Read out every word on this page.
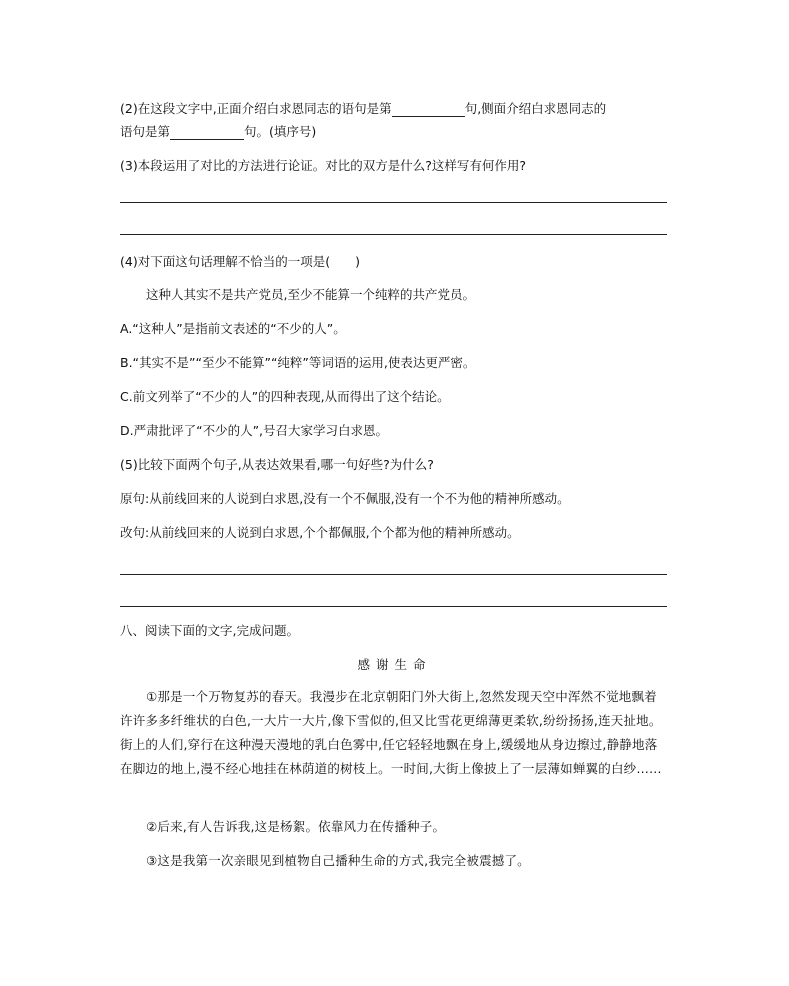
(2)在这段文字中,正面介绍白求恩同志的语句是第	句,侧面介绍白求恩同志的
语句是第	句。(填序号)
(3)本段运用了对比的方法进行论证。对比的双方是什么?这样写有何作用?
(4)对下面这句话理解不恰当的一项是(　　)
这种人其实不是共产党员,至少不能算一个纯粹的共产党员。
A.“这种人”是指前文表述的“不少的人”。
B.“其实不是”“至少不能算”“纯粹”等词语的运用,使表达更严密。
C.前文列举了“不少的人”的四种表现,从而得出了这个结论。
D.严肃批评了“不少的人”,号召大家学习白求恩。
(5)比较下面两个句子,从表达效果看,哪一句好些?为什么?
原句:从前线回来的人说到白求恩,没有一个不佩服,没有一个不为他的精神所感动。
改句:从前线回来的人说到白求恩,个个都佩服,个个都为他的精神所感动。
八、阅读下面的文字,完成问题。
感谢生命
①那是一个万物复苏的春天。我漫步在北京朝阳门外大街上,忽然发现天空中浑然不觉地飘着许许多多纤维状的白色,一大片一大片,像下雪似的,但又比雪花更绵薄更柔软,纷纷扬扬,连天扯地。街上的人们,穿行在这种漫天漫地的乳白色雾中,任它轻轻地飘在身上,缓缓地从身边擦过,静静地落在脚边的地上,漫不经心地挂在林荫道的树枝上。一时间,大街上像披上了一层薄如蝉翼的白纱……
②后来,有人告诉我,这是杨絮。依靠风力在传播种子。
③这是我第一次亲眼见到植物自己播种生命的方式,我完全被震撼了。
